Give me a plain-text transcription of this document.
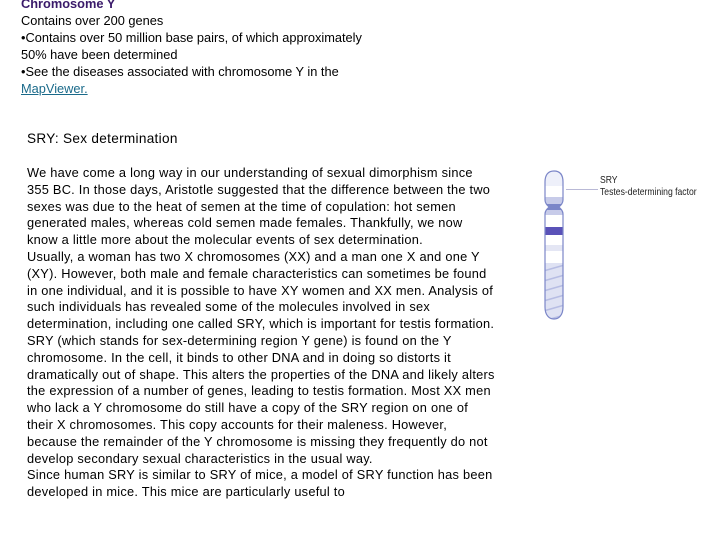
Chromosome Y
Contains over 200 genes
•Contains over 50 million base pairs, of which approximately
50% have been determined
•See the diseases associated with chromosome Y in the
MapViewer.
SRY: Sex determination

We have come a long way in our understanding of sexual dimorphism since 355 BC. In those days, Aristotle suggested that the difference between the two sexes was due to the heat of semen at the time of copulation: hot semen generated males, whereas cold semen made females. Thankfully, we now know a little more about the molecular events of sex determination.

Usually, a woman has two X chromosomes (XX) and a man one X and one Y (XY). However, both male and female characteristics can sometimes be found in one individual, and it is possible to have XY women and XX men. Analysis of such individuals has revealed some of the molecules involved in sex determination, including one called SRY, which is important for testis formation.

SRY (which stands for sex-determining region Y gene) is found on the Y chromosome. In the cell, it binds to other DNA and in doing so distorts it dramatically out of shape. This alters the properties of the DNA and likely alters the expression of a number of genes, leading to testis formation. Most XX men who lack a Y chromosome do still have a copy of the SRY region on one of their X chromosomes. This copy accounts for their maleness. However, because the remainder of the Y chromosome is missing they frequently do not develop secondary sexual characteristics in the usual way.

Since human SRY is similar to SRY of mice, a model of SRY function has been developed in mice. This mice are particularly useful to

SRY
Testes-determining factor
